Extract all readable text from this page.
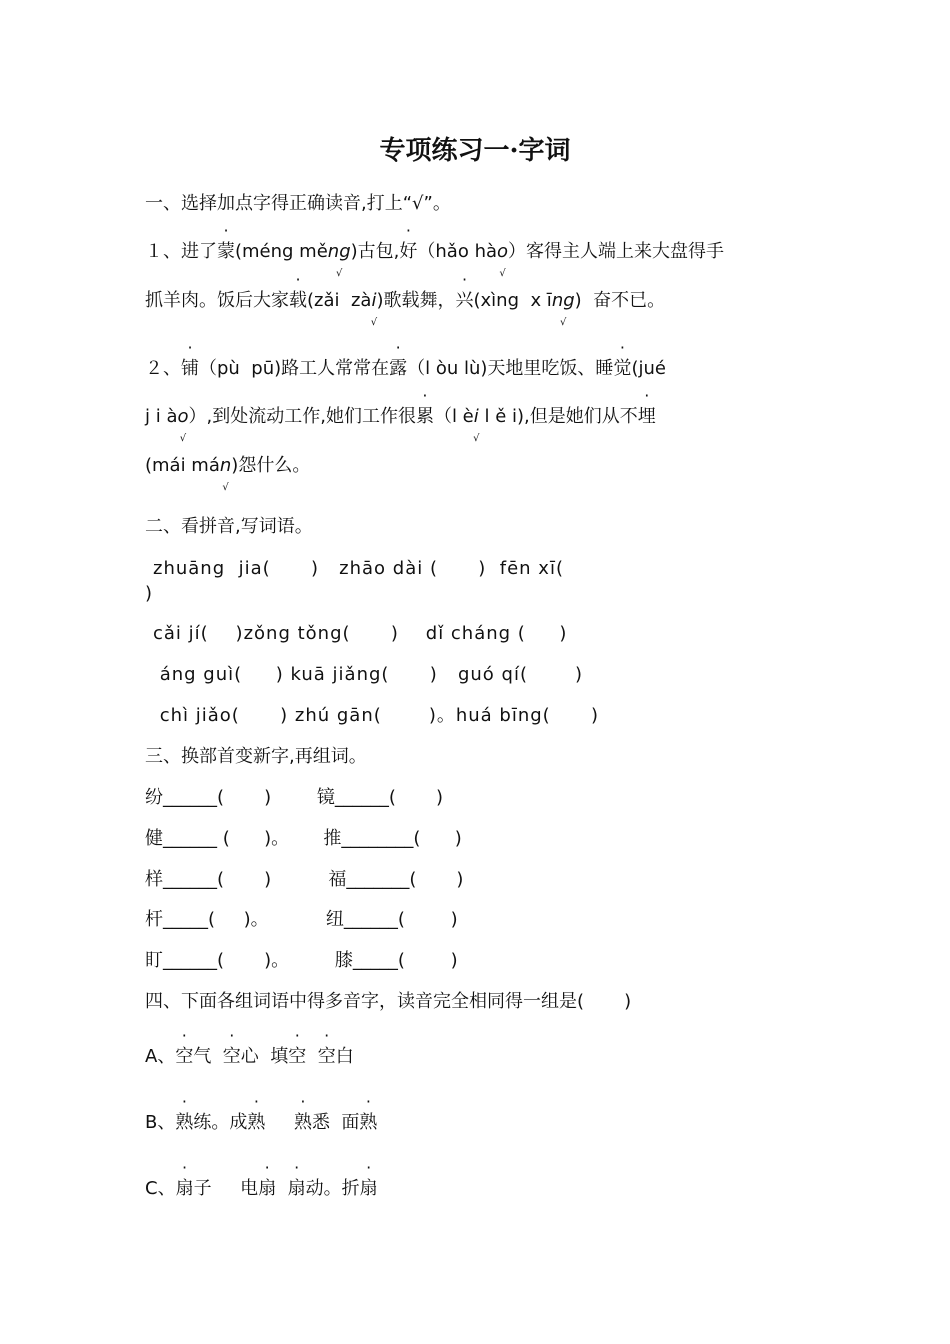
专项练习一·字词
一、选择加点字得正确读音,打上“√”。
１、进了蒙(méng měng √)古包,好（hǎo hào √）客得主人端上来大盘得手
抓羊肉。饭后大家载(zǎi  zài √)歌载舞，兴(xìng  x īng √)  奋不已。
２、铺（pù  pū)路工人常常在露（l òu lù)天地里吃饭、睡觉(jué
j i ào √）,到处流动工作,她们工作很累（l èi √ l ě i),但是她们从不埋
(mái mán √)怨什么。
二、看拼音,写词语。
zhuāng  jia(      )   zhāo dài (      )  fēn xī(
)
cǎi jí(    )zǒng tǒng(      )    dǐ cháng (     )
áng guì(     ) kuā jiǎng(      )   guó qí(       )
chì jiǎo(      ) zhú gān(       )。huá bīng(      )
三、换部首变新字,再组词。
纷______(       )        镜______(       )
健______ (      )。      推________(      )
样______(       )          福_______(       )
杆_____(     )。          纽______(        )
盯______(       )。        膝_____(        )
四、下面各组词语中得多音字，读音完全相同得一组是(       )
A、空气 空心  填空 空白
B、熟练。成熟 熟悉  面熟
C、扇子     电扇 扇动。折扇
